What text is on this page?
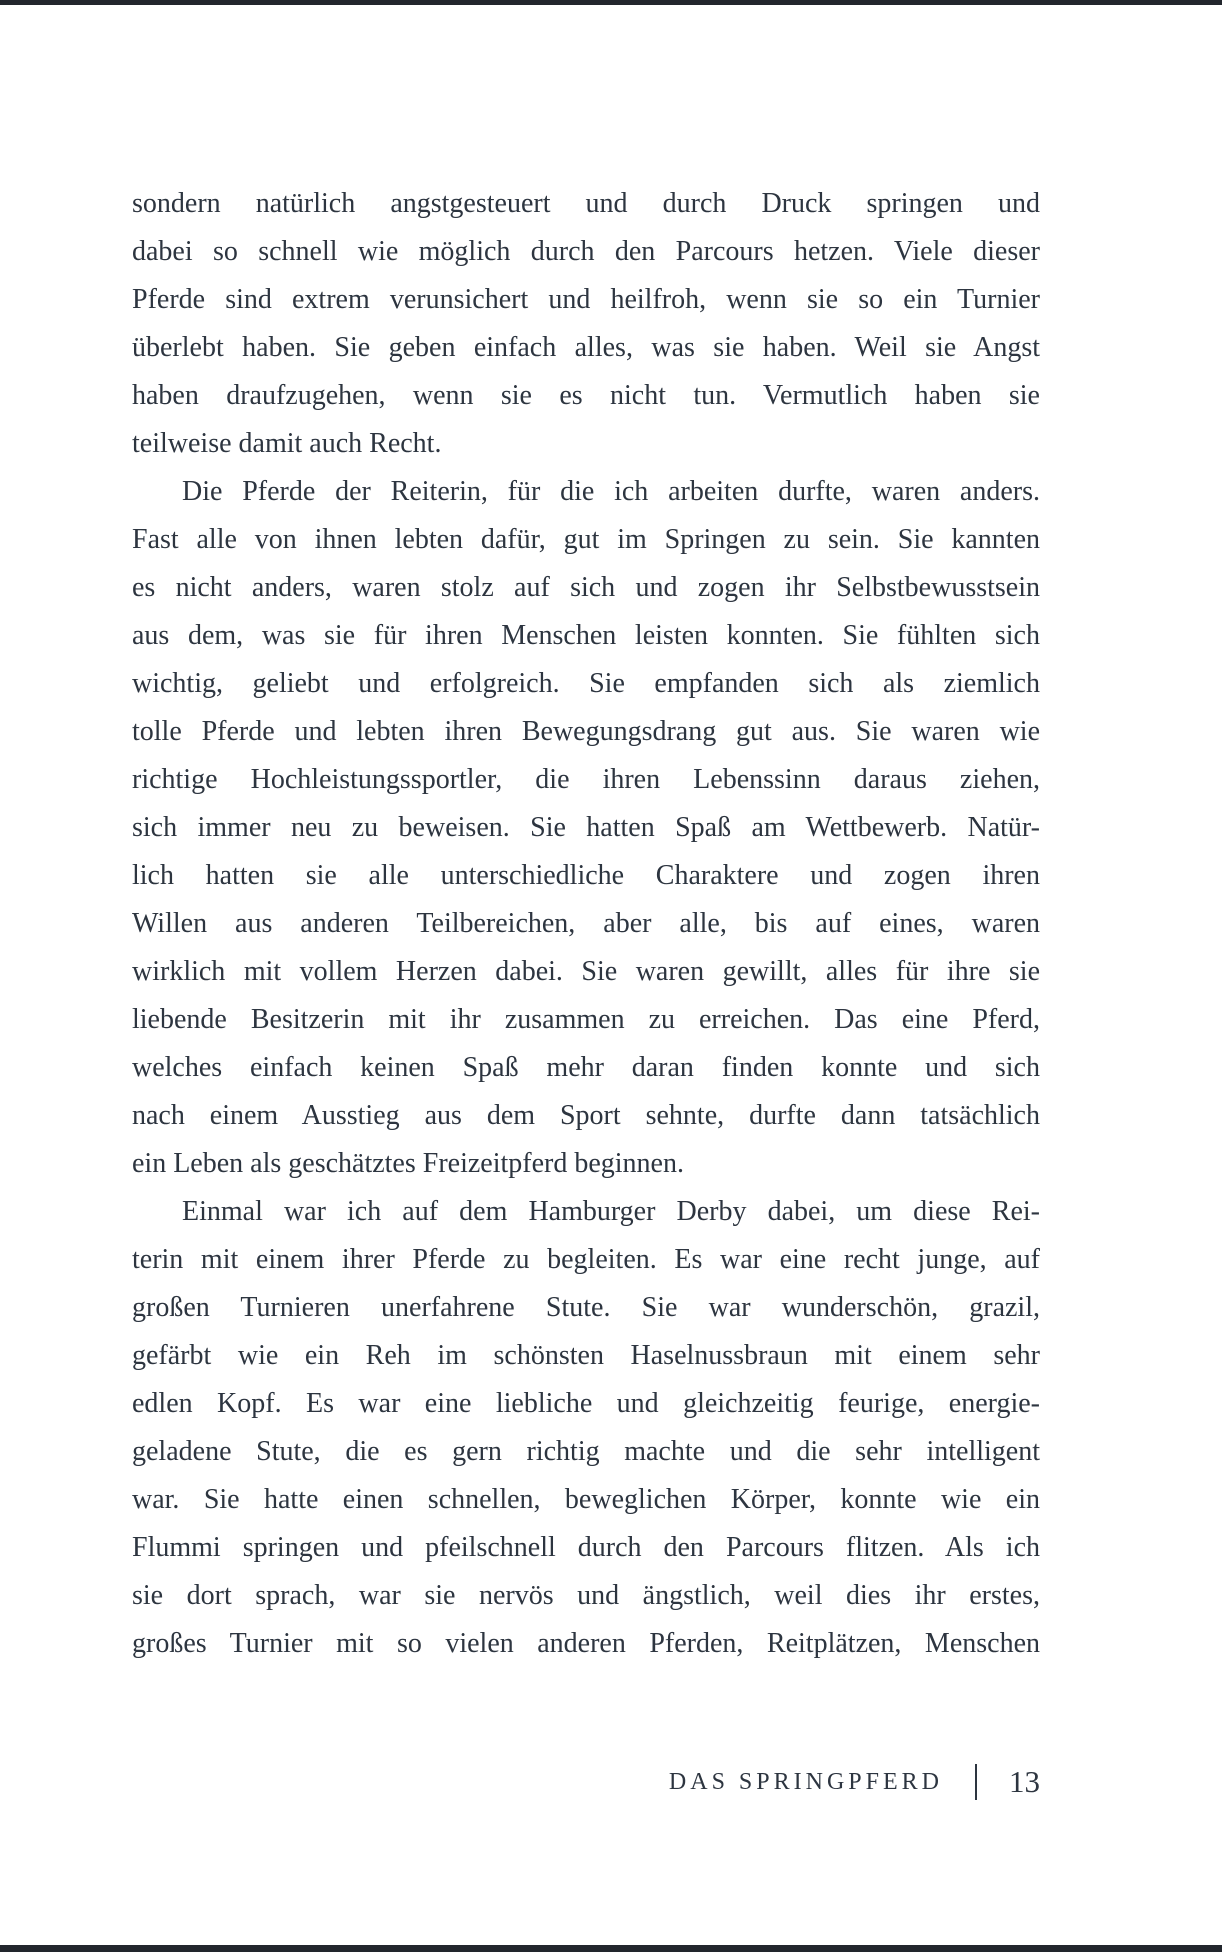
sondern natürlich angstgesteuert und durch Druck springen und
dabei so schnell wie möglich durch den Parcours hetzen. Viele dieser
Pferde sind extrem verunsichert und heilfroh, wenn sie so ein Turnier
überlebt haben. Sie geben einfach alles, was sie haben. Weil sie Angst
haben draufzugehen, wenn sie es nicht tun. Vermutlich haben sie
teilweise damit auch Recht.

Die Pferde der Reiterin, für die ich arbeiten durfte, waren anders.
Fast alle von ihnen lebten dafür, gut im Springen zu sein. Sie kannten
es nicht anders, waren stolz auf sich und zogen ihr Selbstbewusstsein
aus dem, was sie für ihren Menschen leisten konnten. Sie fühlten sich
wichtig, geliebt und erfolgreich. Sie empfanden sich als ziemlich
tolle Pferde und lebten ihren Bewegungsdrang gut aus. Sie waren wie
richtige Hochleistungssportler, die ihren Lebenssinn daraus ziehen,
sich immer neu zu beweisen. Sie hatten Spaß am Wettbewerb. Natür-
lich hatten sie alle unterschiedliche Charaktere und zogen ihren
Willen aus anderen Teilbereichen, aber alle, bis auf eines, waren
wirklich mit vollem Herzen dabei. Sie waren gewillt, alles für ihre sie
liebende Besitzerin mit ihr zusammen zu erreichen. Das eine Pferd,
welches einfach keinen Spaß mehr daran finden konnte und sich
nach einem Ausstieg aus dem Sport sehnte, durfte dann tatsächlich
ein Leben als geschätztes Freizeitpferd beginnen.

Einmal war ich auf dem Hamburger Derby dabei, um diese Rei-
terin mit einem ihrer Pferde zu begleiten. Es war eine recht junge, auf
großen Turnieren unerfahrene Stute. Sie war wunderschön, grazil,
gefärbt wie ein Reh im schönsten Haselnussbraun mit einem sehr
edlen Kopf. Es war eine liebliche und gleichzeitig feurige, energie-
geladene Stute, die es gern richtig machte und die sehr intelligent
war. Sie hatte einen schnellen, beweglichen Körper, konnte wie ein
Flummi springen und pfeilschnell durch den Parcours flitzen. Als ich
sie dort sprach, war sie nervös und ängstlich, weil dies ihr erstes,
großes Turnier mit so vielen anderen Pferden, Reitplätzen, Menschen

DAS SPRINGPFERD 13
